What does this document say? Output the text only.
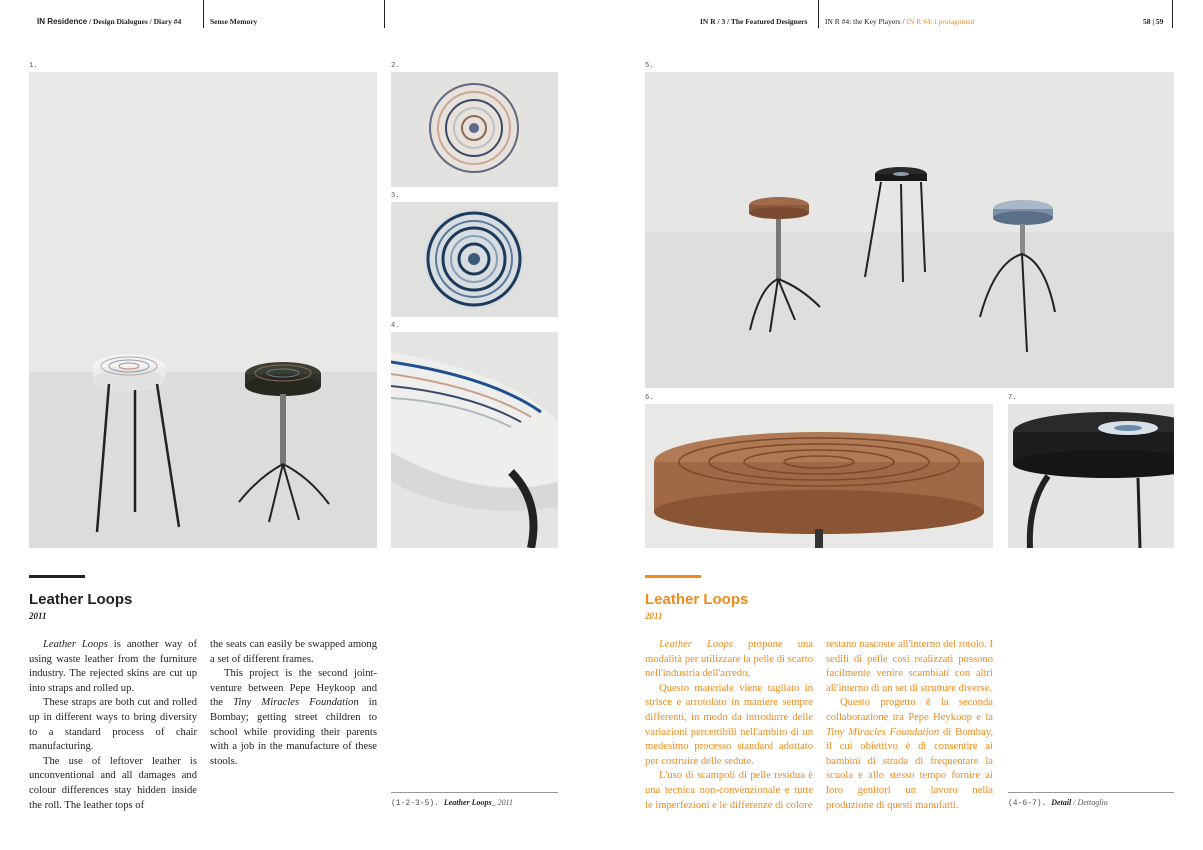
IN Residence / Design Dialogues / Diary #4	Sense Memory	IN R / 3 / The Featured Designers IN R #4: the Key Players / IN R #4: i protagonisti	58 | 59
1.	2.
3.
4.
5.
6.	7.
Leather Loops
2011

Leather Loops is another way of using waste leather from the furniture industry. The rejected skins are cut up into straps and rolled up.

These straps are both cut and rolled up in different ways to bring diversity to a standard process of chair manufacturing.

The use of leftover leather is unconventional and all damages and colour differences stay hidden inside the roll. The leather tops of

the seats can easily be swapped among a set of different frames.

This project is the second joint-venture between Pepe Heykoop and the Tiny Miracles Foundation in Bombay; getting street children to school while providing their parents with a job in the manufacture of these stools.

(1-2-3-5). Leather Loops_ 2011
Leather Loops
2011

Leather Loops propone una modalità per utilizzare la pelle di scarto nell'industria dell'arredo.

Questo materiale viene tagliato in strisce e arrotolato in maniere sempre differenti, in modo da introdurre delle variazioni percettibili nell'ambito di un medesimo processo standard adottato per costruire delle sedute.

L'uso di scampoli di pelle residua è una tecnica non-convenzionale e tutte le imperfezioni e le differenze di colore

restano nascoste all'interno del rotolo. I sedili di pelle così realizzati possono facilmente venire scambiati con altri all'interno di un set di strutture diverse.

Questo progetto è la seconda collaborazione tra Pepe Heykoop e la Tiny Miracles Foundation di Bombay, il cui obiettivo è di consentire ai bambini di strada di frequentare la scuola e allo stesso tempo fornire ai loro genitori un lavoro nella produzione di questi manufatti.	(4-6-7). Detail / Dettaglio
